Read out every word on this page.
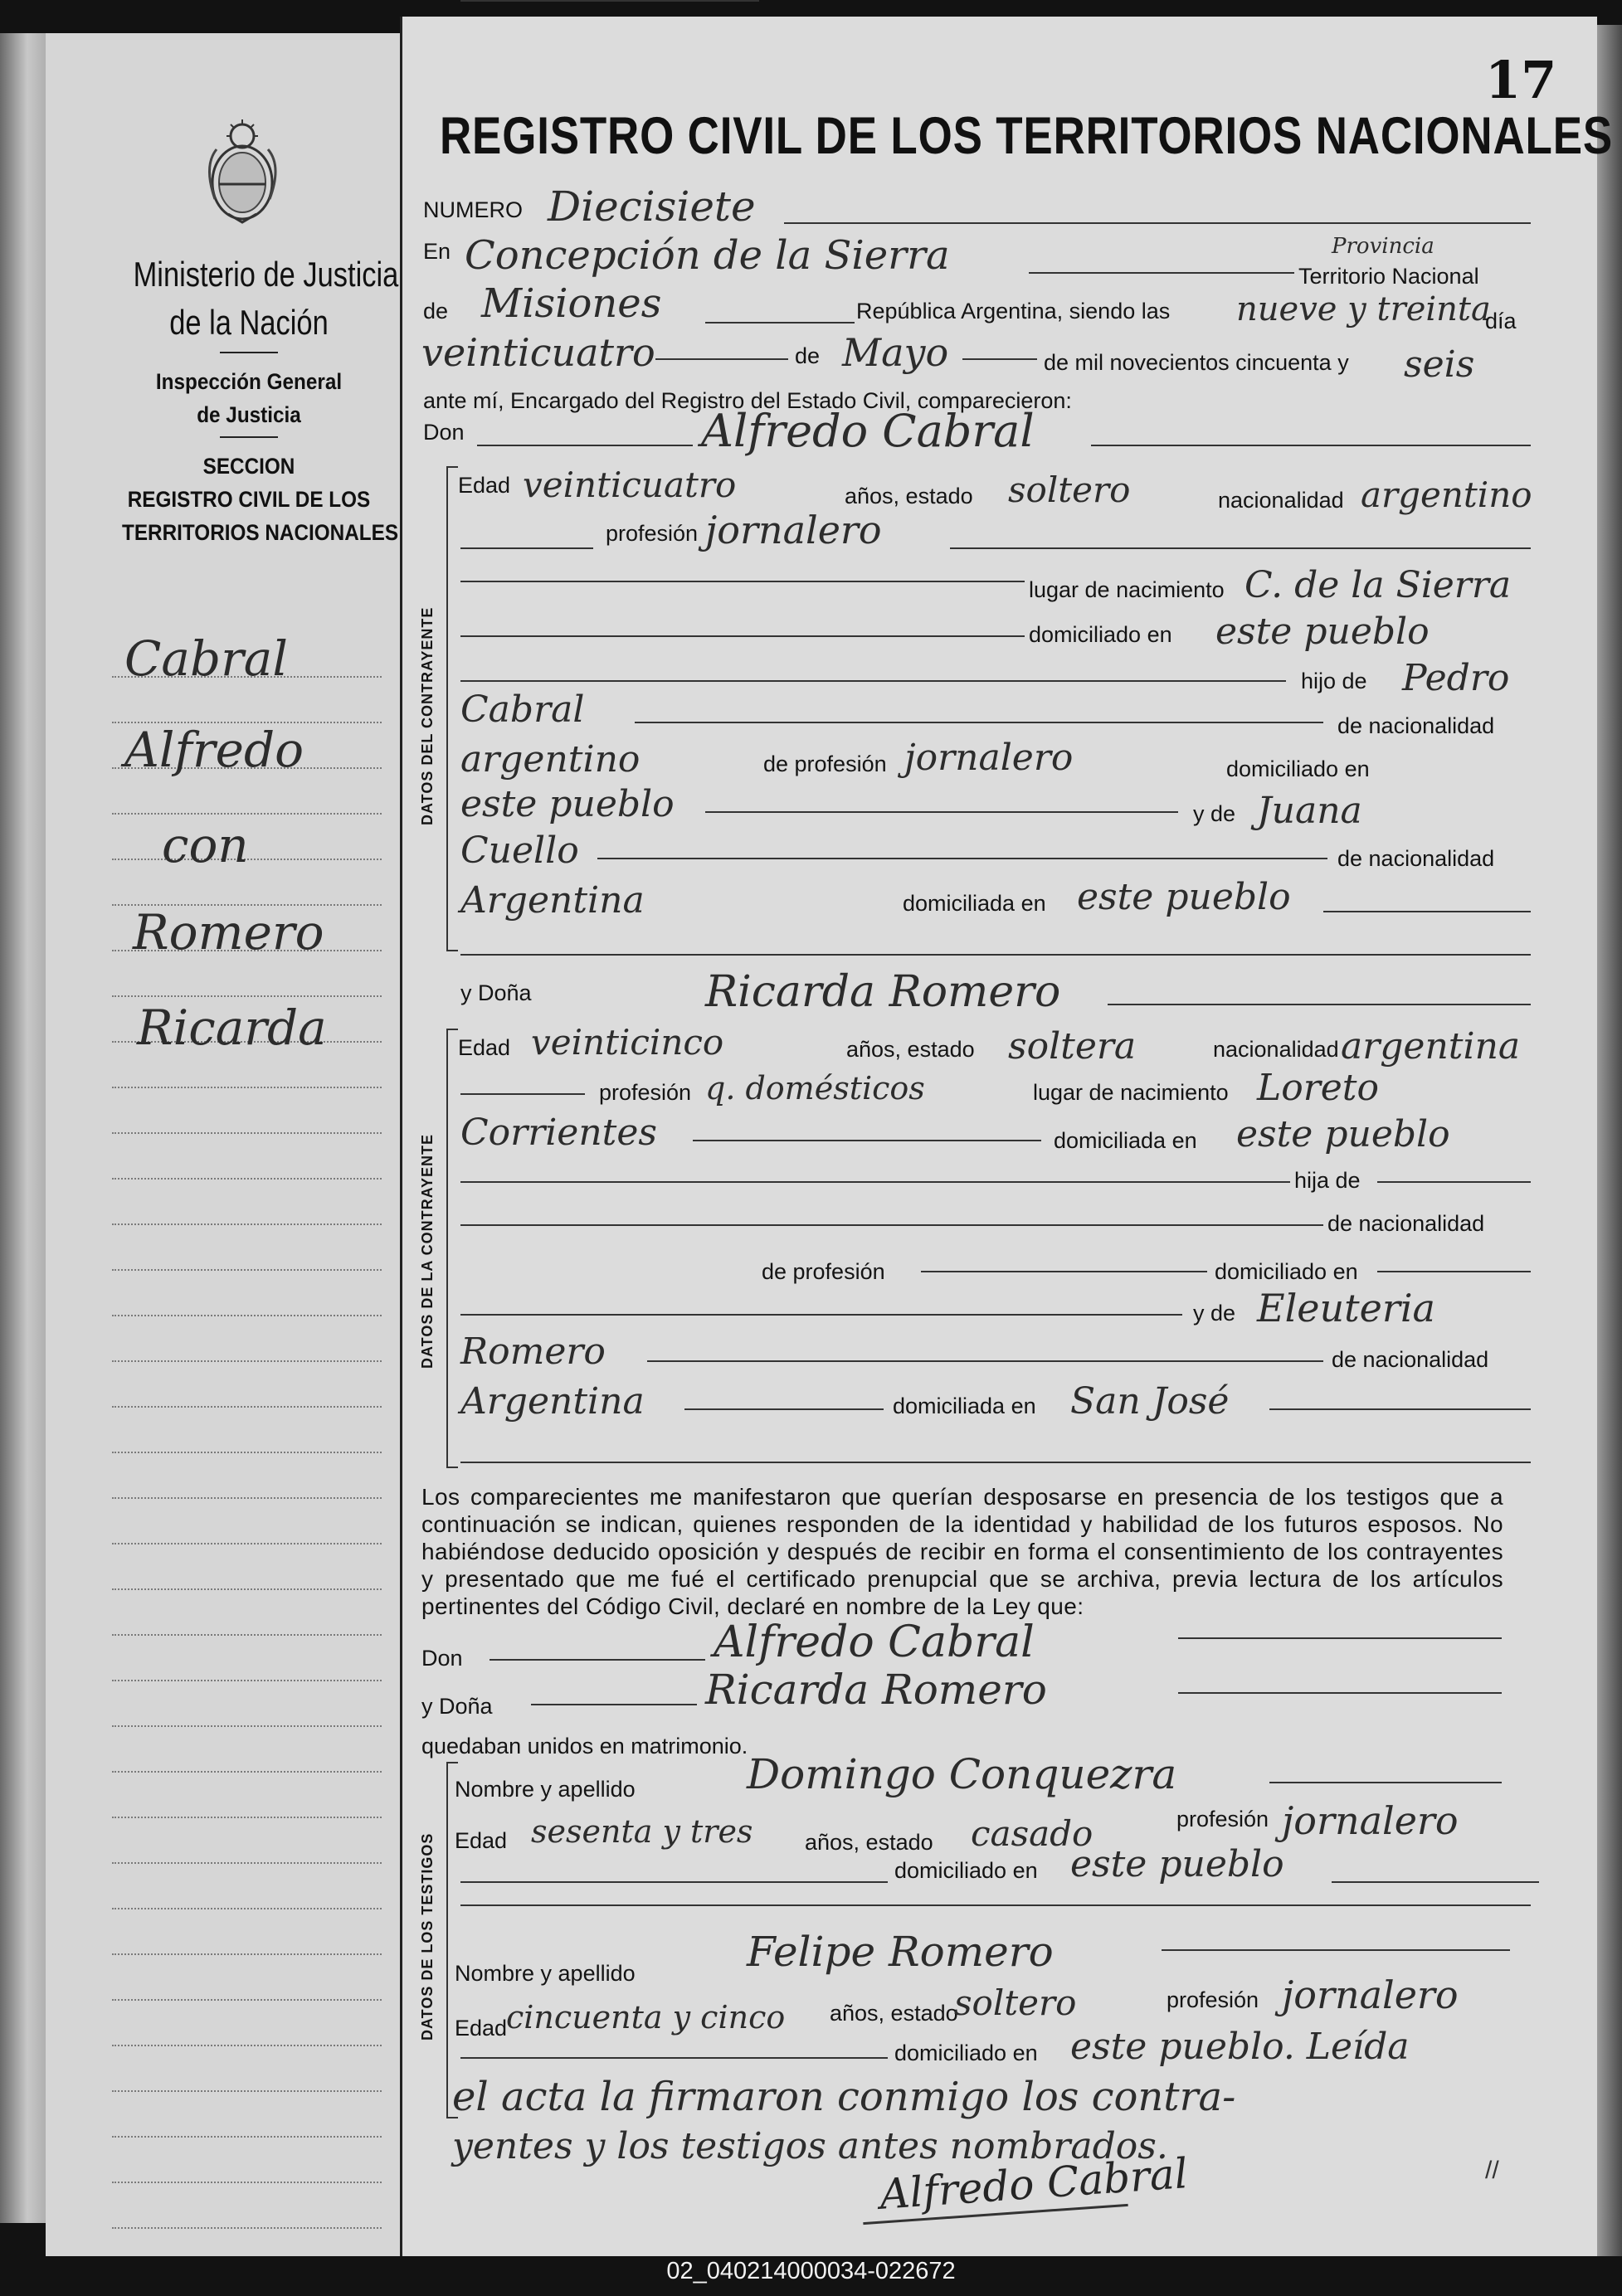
17
REGISTRO CIVIL DE LOS TERRITORIOS NACIONALES
Ministerio de Justicia
de la Nación
Inspección General
de Justicia
SECCION
REGISTRO CIVIL DE LOS
TERRITORIOS NACIONALES
Cabral
Alfredo
con
Romero
Ricarda
NUMERO Diecisiete
En Concepción de la Sierra	Provincia
Territorio Nacional
de Misiones	República Argentina, siendo las nueve y treinta
día
veinticuatro	de Mayo	de mil novecientos cincuenta y seis
ante mí, Encargado del Registro del Estado Civil, comparecieron:
Don	Alfredo Cabral
DATOS DEL CONTRAYENTE
Edad veinticuatro	años, estado soltero	nacionalidad argentino
profesión jornalero
lugar de nacimiento C. de la Sierra
domiciliado en este pueblo
hijo de Pedro
Cabral	de nacionalidad
argentino	de profesión jornalero	domiciliado en
este pueblo	y de Juana
Cuello	de nacionalidad
Argentina	domiciliada en este pueblo
y Doña	Ricarda Romero
DATOS DE LA CONTRAYENTE
Edad veinticinco	años, estado soltera	nacionalidad argentina
profesión q. domésticos	lugar de nacimiento Loreto
Corrientes	domiciliada en este pueblo
hija de
de nacionalidad
de profesión	domiciliado en
y de Eleuteria
Romero	de nacionalidad
Argentina	domiciliada en San José
Los comparecientes me manifestaron que querían desposarse en presencia de los testigos que a continuación se indican, quienes responden de la identidad y habilidad de los futuros esposos. No habiéndose deducido oposición y después de recibir en forma el consentimiento de los contrayentes y presentado que me fué el certificado prenupcial que se archiva, previa lectura de los artículos pertinentes del Código Civil, declaré en nombre de la Ley que:
Don	Alfredo Cabral
y Doña	Ricarda Romero
quedaban unidos en matrimonio.
DATOS DE LOS TESTIGOS
Nombre y apellido	Domingo Conquezra
Edad sesenta y tres años, estado casado	profesión jornalero
domiciliado en este pueblo
Nombre y apellido	Felipe Romero
Edad
cincuenta y cinco años, estado
soltero	profesión jornalero
domiciliado en este pueblo. Leída
el acta la firmaron conmigo los contra-
yentes y los testigos antes nombrados.
//
Alfredo Cabral
02_040214000034-022672
